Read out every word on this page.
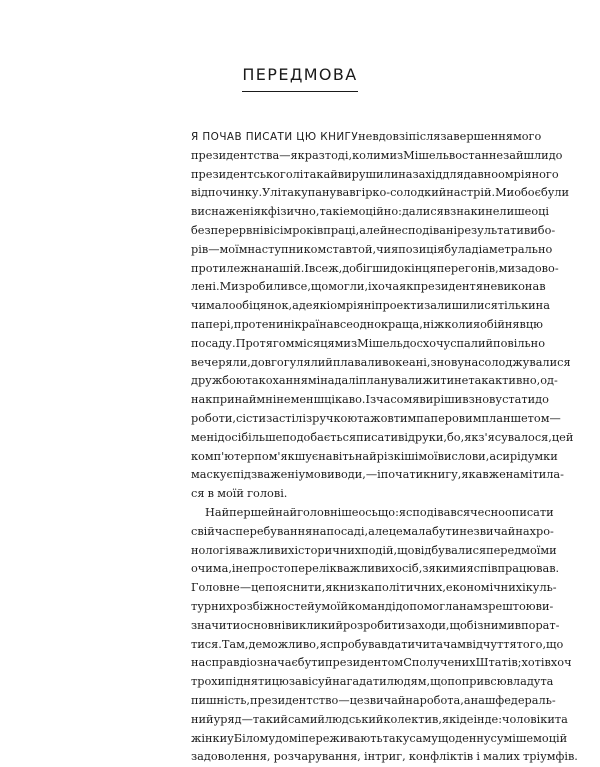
ПЕРЕДМОВА
Я ПОЧАВ ПИСАТИ ЦЮ КНИГУ невдовзі після завершення мого
президентства — якраз тоді, коли ми з Мішель востанне зайшли до
президентського літака й вирушили на захід для давно омріяного
відпочинку. У літаку панував гірко-солодкий настрій. Ми обоє були
виснажені як фізично, так і емоційно: далися взнаки не лише оці
безперервні вісім років праці, але й несподівані результати вибо-
рів — моїм наступником став той, чия позиція була діаметрально
протилежна нашій. І все ж, добігши до кінця перегонів, ми задово-
лені. Ми зробили все, що могли, і хоча як президент я не виконав
чимало обіцянок, а деякі омріяні проекти залишилися тільки на
папері, проте нині країна все одно краща, ніж коли я обійняв цю
посаду. Протягом місяця ми з Мішель досхочу спали й повільно
вечеряли, довго гуляли й плавали в океані, знову насолоджувалися
дружбою та коханням і надалі планували жити не так активно, од-
нак принаймні не менш цікаво. І з часом я вирішив знову стати до
роботи, сісти за стіл із ручкою та жовтим паперовим планшетом —
мені досі більше подобається писати від руки, бо, як з'ясувалося, цей
комп'ютер пом'якшує навіть найрізкіші мої вислови, а сирі думки
маскує під зважені умовиводи, — і почати книгу, яка вже намітила-
ся в моїй голові.
Найперше й найголовніше ось що: я сподівався чесно описати
свій час перебування на посаді, але це мала бути не звичайна хро-
нологія важливих історичних подій, що відбувалися перед моїми
очима, і не просто перелік важливих осіб, з якими я співпрацював.
Головне — це пояснити, як низка політичних, економічних і куль-
турних розбіжностей у моїй команді допомогла нам зрештою ви-
значити основні виклики й розробити заходи, щоб із ними впорат-
тися. Там, де можливо, я спробував дати читачам відчуття того, що
насправді означає бути президентом Сполучених Штатів; хотів хоч
трохи підняти цю завісу й нагадати людям, що попри всю владу та
пишність, президентство — це звичайна робота, а наш федераль-
ний уряд — такий самий людський колектив, як і деінде: чоловіки та
жінки у Білому домі переживають таку саму щоденну суміш емоцій
задоволення, розчарування, інтриг, конфліктів і малих тріумфів.
